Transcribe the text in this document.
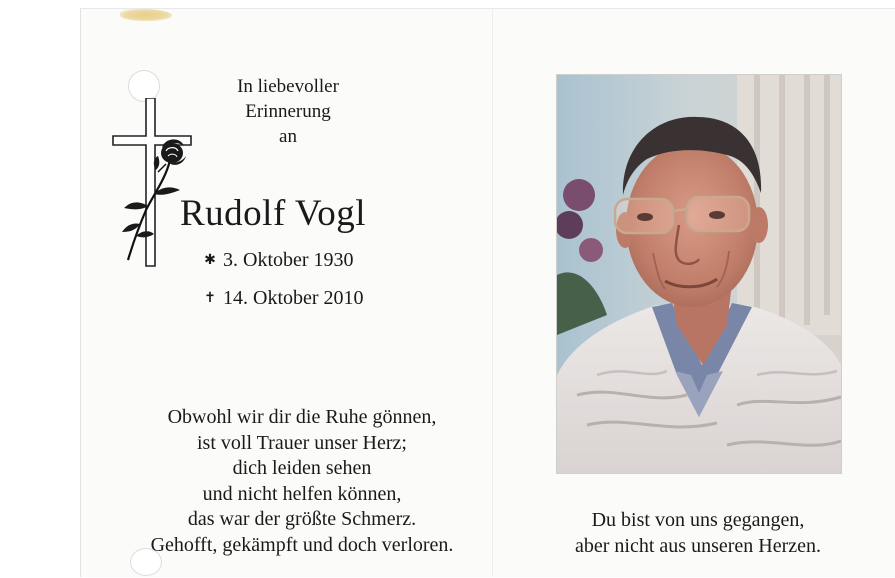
In liebevoller
Erinnerung
an
Rudolf Vogl
✱ 3. Oktober 1930
✝ 14. Oktober 2010
Obwohl wir dir die Ruhe gönnen,
ist voll Trauer unser Herz;
dich leiden sehen
und nicht helfen können,
das war der größte Schmerz.
Gehofft, gekämpft und doch verloren.
Du bist von uns gegangen,
aber nicht aus unseren Herzen.
